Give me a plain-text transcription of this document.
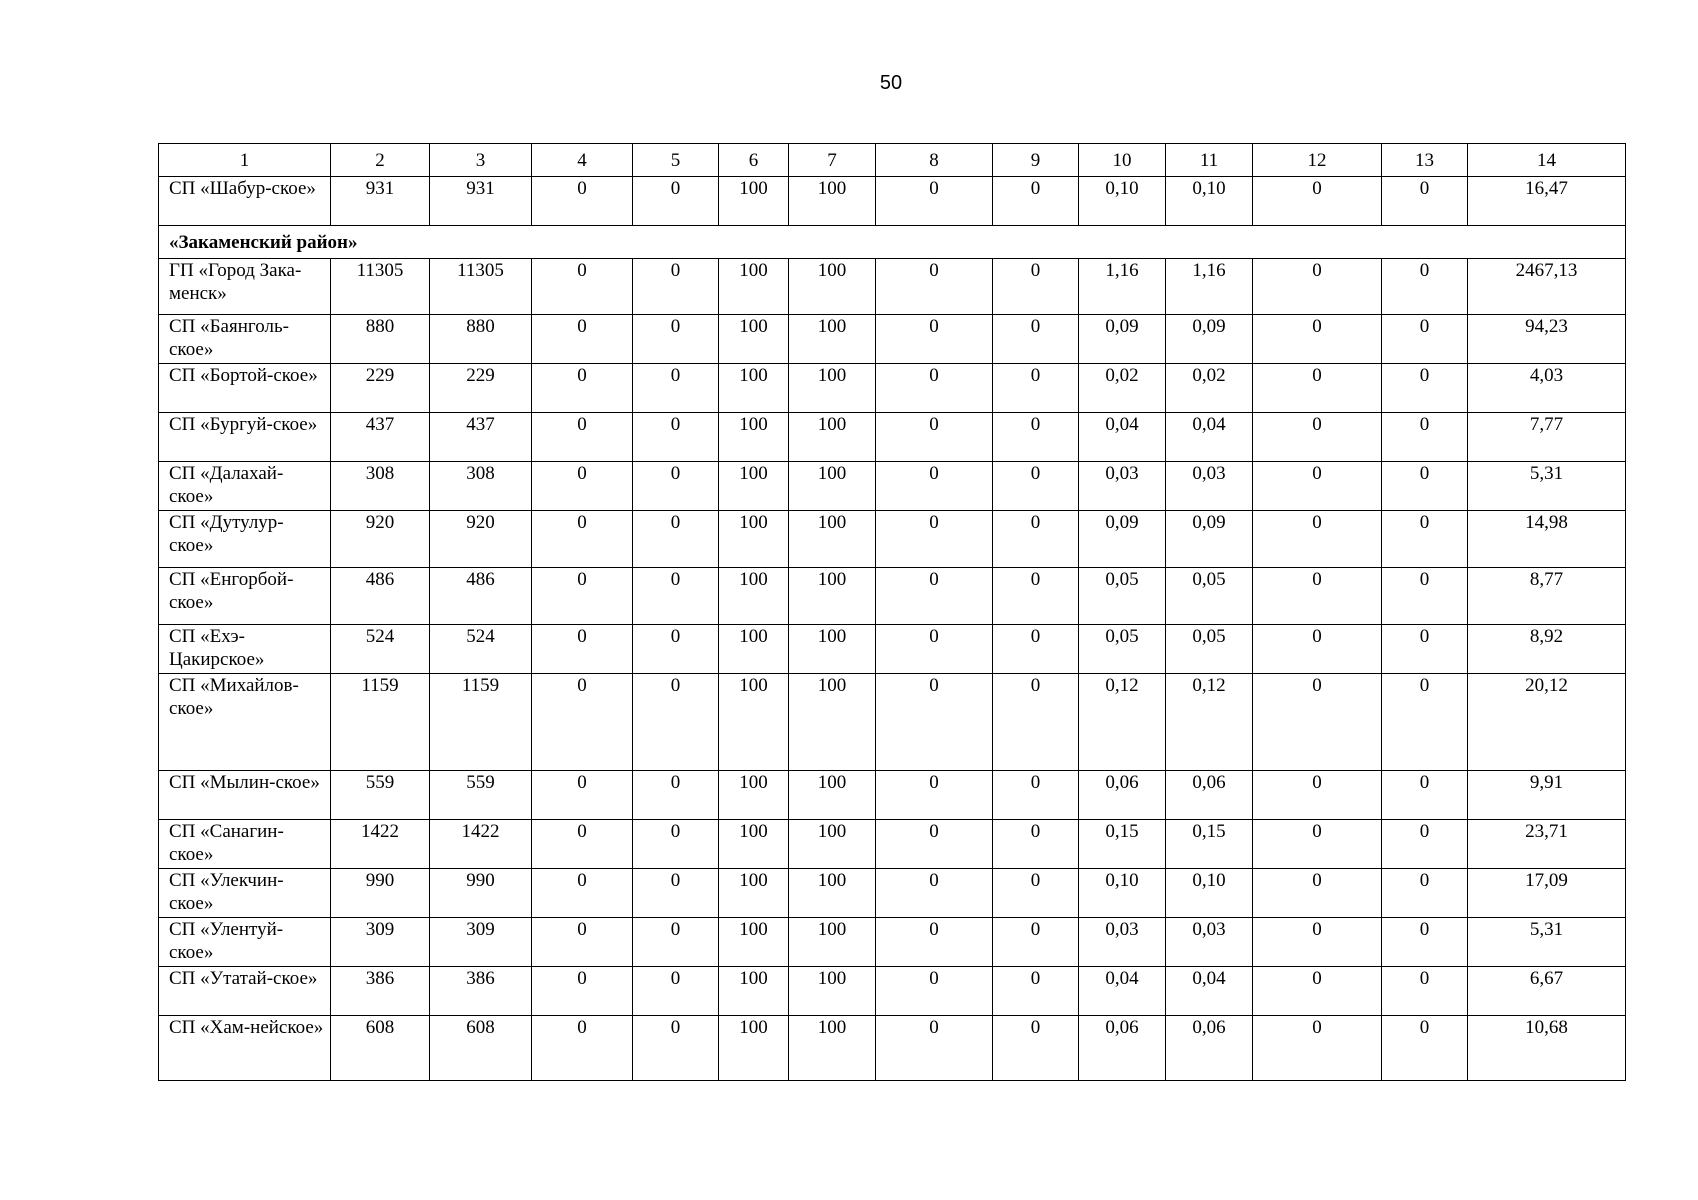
50
1	2	3	4	5	6	7	8	9	10	11	12	13	14
СП «Шабур-ское»	931	931	0	0	100	100	0	0	0,10	0,10	0	0	16,47
«Закаменский район»													
ГП «Город Зака-менск»	11305	11305	0	0	100	100	0	0	1,16	1,16	0	0	2467,13
СП «Баянголь-ское»	880	880	0	0	100	100	0	0	0,09	0,09	0	0	94,23
СП «Бортой-ское»	229	229	0	0	100	100	0	0	0,02	0,02	0	0	4,03
СП «Бургуй-ское»	437	437	0	0	100	100	0	0	0,04	0,04	0	0	7,77
СП «Далахай-ское»	308	308	0	0	100	100	0	0	0,03	0,03	0	0	5,31
СП «Дутулур-ское»	920	920	0	0	100	100	0	0	0,09	0,09	0	0	14,98
СП «Енгорбой-ское»	486	486	0	0	100	100	0	0	0,05	0,05	0	0	8,77
СП «Ехэ-Цакирское»	524	524	0	0	100	100	0	0	0,05	0,05	0	0	8,92
СП «Михайлов-ское»	1159	1159	0	0	100	100	0	0	0,12	0,12	0	0	20,12
СП «Мылин-ское»	559	559	0	0	100	100	0	0	0,06	0,06	0	0	9,91
СП «Санагин-ское»	1422	1422	0	0	100	100	0	0	0,15	0,15	0	0	23,71
СП «Улекчин-ское»	990	990	0	0	100	100	0	0	0,10	0,10	0	0	17,09
СП «Улентуй-ское»	309	309	0	0	100	100	0	0	0,03	0,03	0	0	5,31
СП «Утатай-ское»	386	386	0	0	100	100	0	0	0,04	0,04	0	0	6,67
СП «Хам-нейское»	608	608	0	0	100	100	0	0	0,06	0,06	0	0	10,68
